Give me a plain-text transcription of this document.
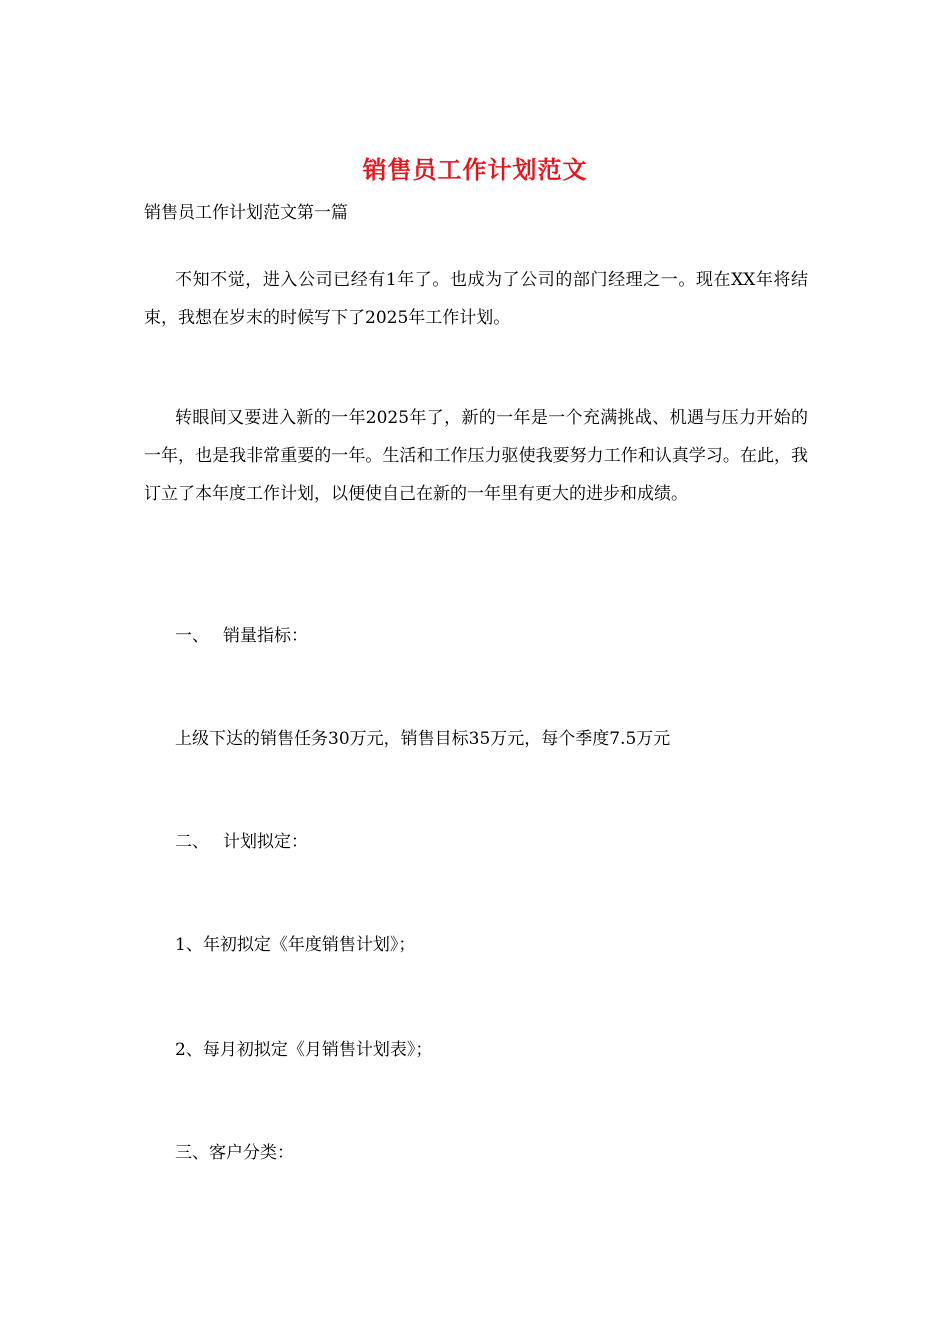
销售员工作计划范文
销售员工作计划范文第一篇
不知不觉，进入公司已经有1年了。也成为了公司的部门经理之一。现在XX年将结束，我想在岁末的时候写下了2025年工作计划。
转眼间又要进入新的一年2025年了，新的一年是一个充满挑战、机遇与压力开始的一年，也是我非常重要的一年。生活和工作压力驱使我要努力工作和认真学习。在此，我订立了本年度工作计划，以便使自己在新的一年里有更大的进步和成绩。
一、 销量指标：
上级下达的销售任务30万元，销售目标35万元，每个季度7.5万元
二、 计划拟定：
1、年初拟定《年度销售计划》；
2、每月初拟定《月销售计划表》；
三、客户分类：
